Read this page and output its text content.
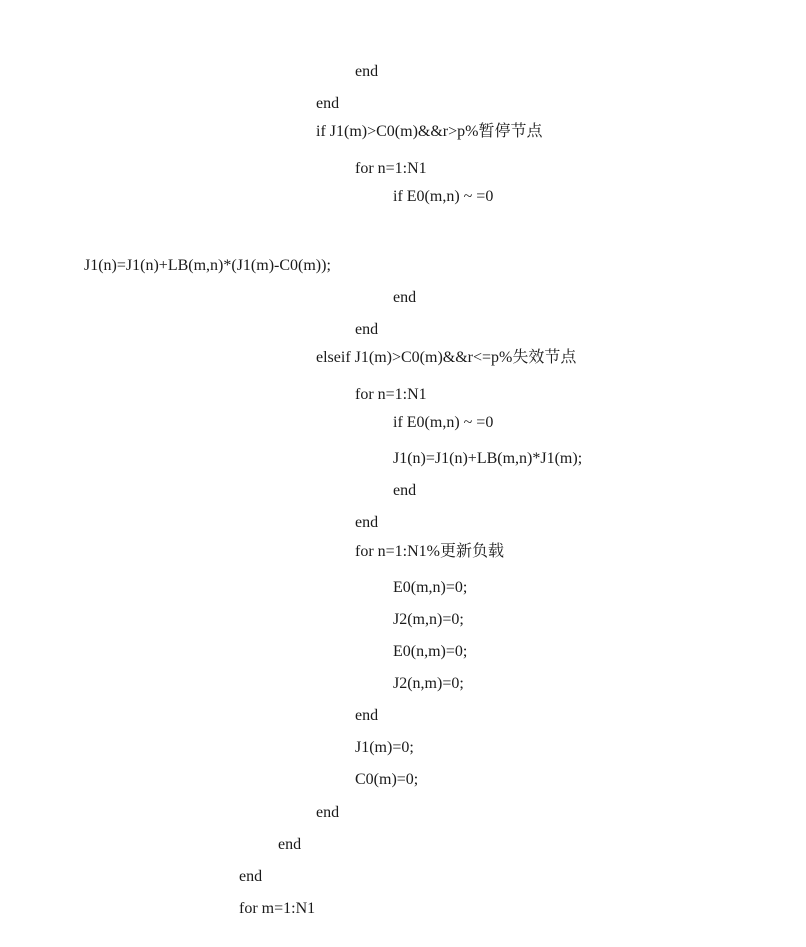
end

end

if J1(m)>C0(m)&&r>p%暂停节点

for n=1:N1

if E0(m,n) ~ =0

J1(n)=J1(n)+LB(m,n)*(J1(m)-C0(m));

end

end

elseif J1(m)>C0(m)&&r<=p%失效节点

for n=1:N1

if E0(m,n) ~ =0

J1(n)=J1(n)+LB(m,n)*J1(m);

end

end

for n=1:N1%更新负载

E0(m,n)=0;

J2(m,n)=0;

E0(n,m)=0;

J2(n,m)=0;

end

J1(m)=0;

C0(m)=0;

end

end

end

for m=1:N1
